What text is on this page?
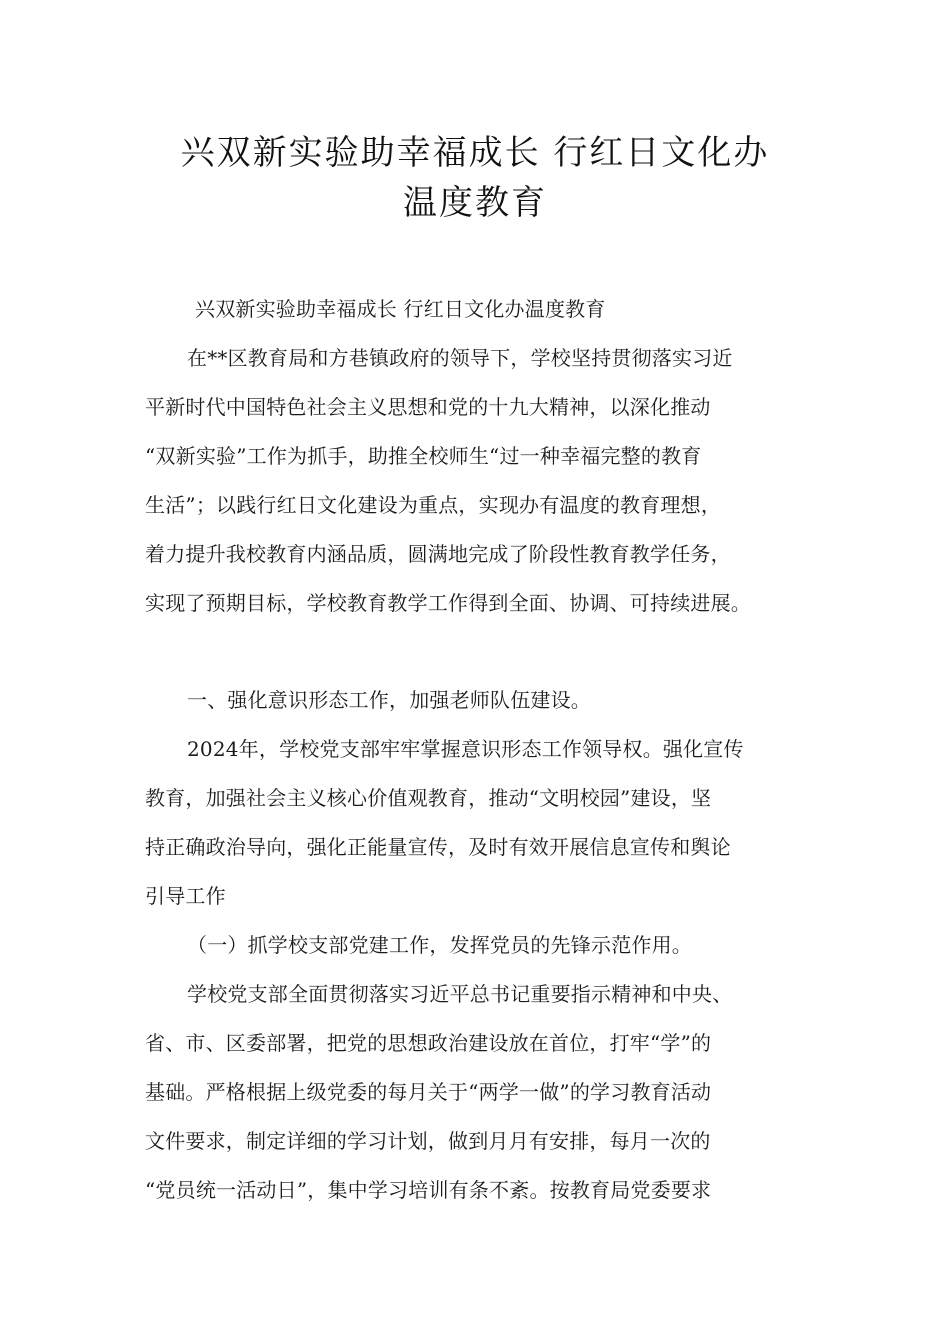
兴双新实验助幸福成长 行红日文化办
温度教育

兴双新实验助幸福成长 行红日文化办温度教育

在**区教育局和方巷镇政府的领导下，学校坚持贯彻落实习近

平新时代中国特色社会主义思想和党的十九大精神，以深化推动

“双新实验”工作为抓手，助推全校师生“过一种幸福完整的教育

生活”；以践行红日文化建设为重点，实现办有温度的教育理想，

着力提升我校教育内涵品质，圆满地完成了阶段性教育教学任务，

实现了预期目标，学校教育教学工作得到全面、协调、可持续进展。

一、强化意识形态工作，加强老师队伍建设。

2024年，学校党支部牢牢掌握意识形态工作领导权。强化宣传

教育，加强社会主义核心价值观教育，推动“文明校园”建设，坚

持正确政治导向，强化正能量宣传，及时有效开展信息宣传和舆论

引导工作

（一）抓学校支部党建工作，发挥党员的先锋示范作用。

学校党支部全面贯彻落实习近平总书记重要指示精神和中央、

省、市、区委部署，把党的思想政治建设放在首位，打牢“学”的

基础。严格根据上级党委的每月关于“两学一做”的学习教育活动

文件要求，制定详细的学习计划，做到月月有安排，每月一次的

“党员统一活动日”，集中学习培训有条不紊。按教育局党委要求
